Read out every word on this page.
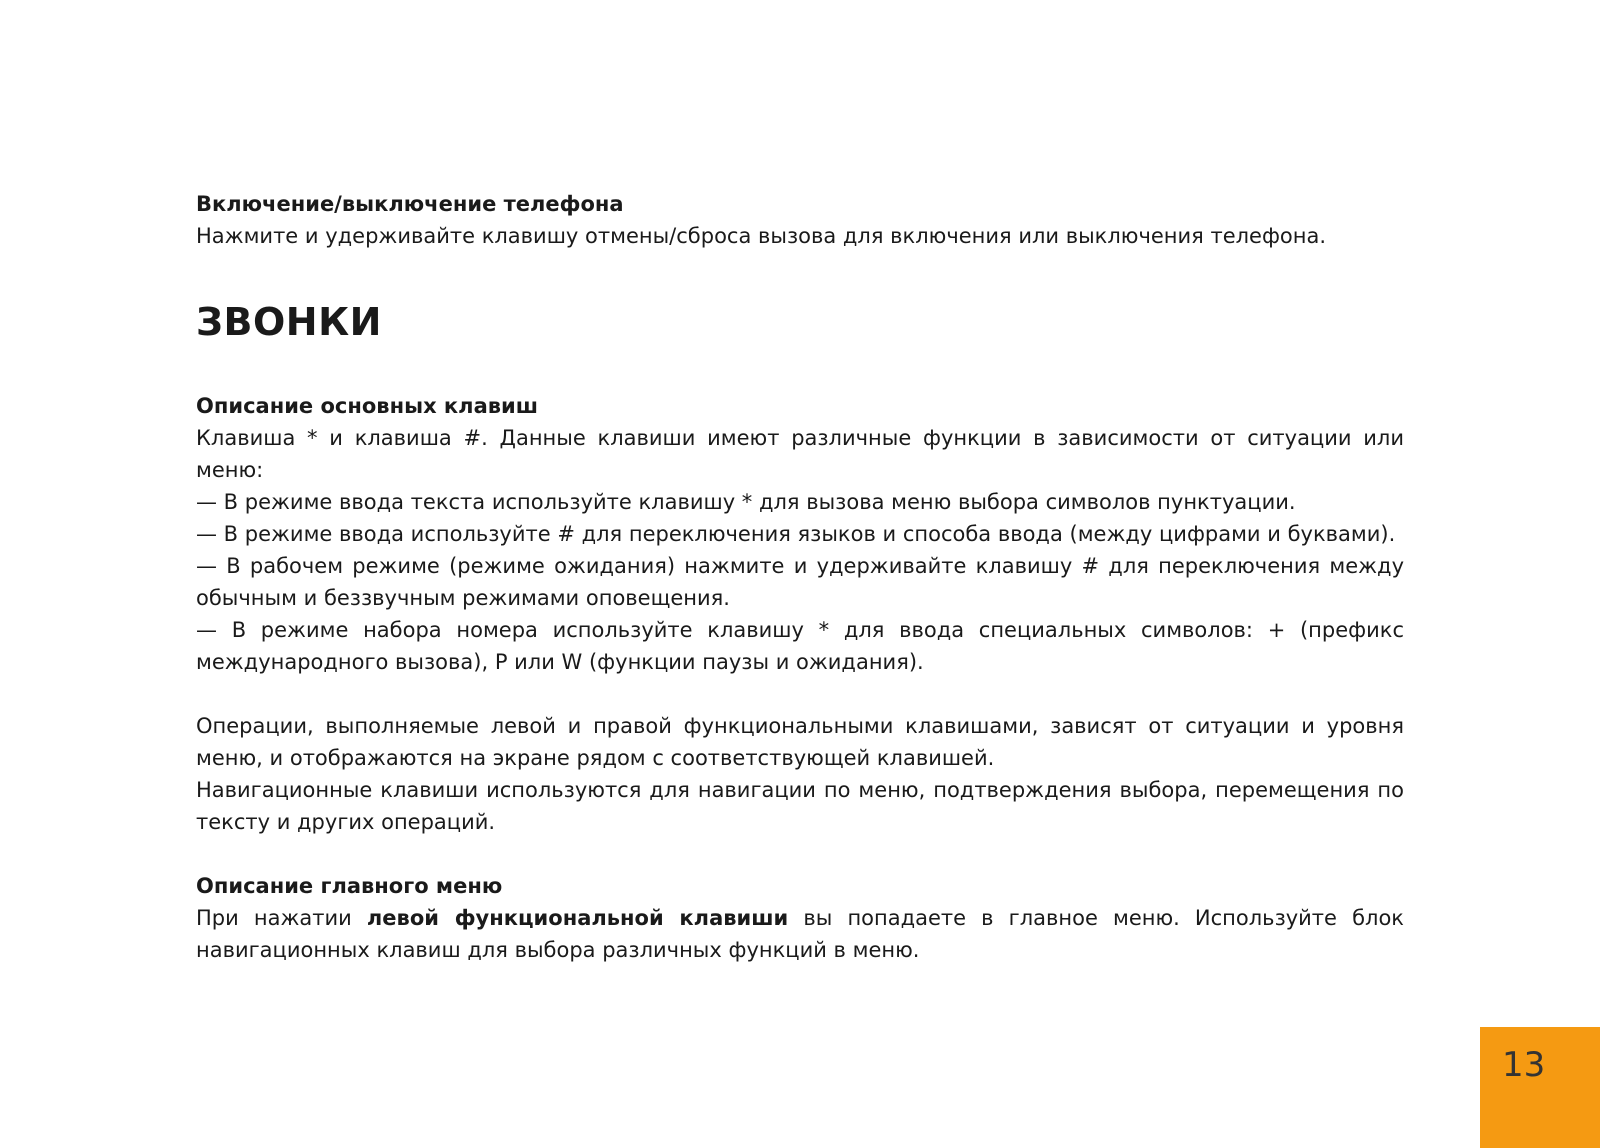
Включение/выключение телефона

Нажмите и удерживайте клавишу отмены/сброса вызова для включения или выключения телефона.

ЗВОНКИ

Описание основных клавиш

Клавиша * и клавиша #. Данные клавиши имеют различные функции в зависимости от ситуации или меню:

— В режиме ввода текста используйте клавишу * для вызова меню выбора символов пунктуации.

— В режиме ввода используйте # для переключения языков и способа ввода (между цифрами и буквами).

— В рабочем режиме (режиме ожидания) нажмите и удерживайте клавишу # для переключения между обычным и беззвучным режимами оповещения.

— В режиме набора номера используйте клавишу * для ввода специальных символов: + (префикс международного вызова), P или W (функции паузы и ожидания).

Операции, выполняемые левой и правой функциональными клавишами, зависят от ситуации и уровня меню, и отображаются на экране рядом с соответствующей клавишей.

Навигационные клавиши используются для навигации по меню, подтверждения выбора, перемещения по тексту и других операций.

Описание главного меню

При нажатии левой функциональной клавиши вы попадаете в главное меню. Используйте блок навигационных клавиш для выбора различных функций в меню.

13
